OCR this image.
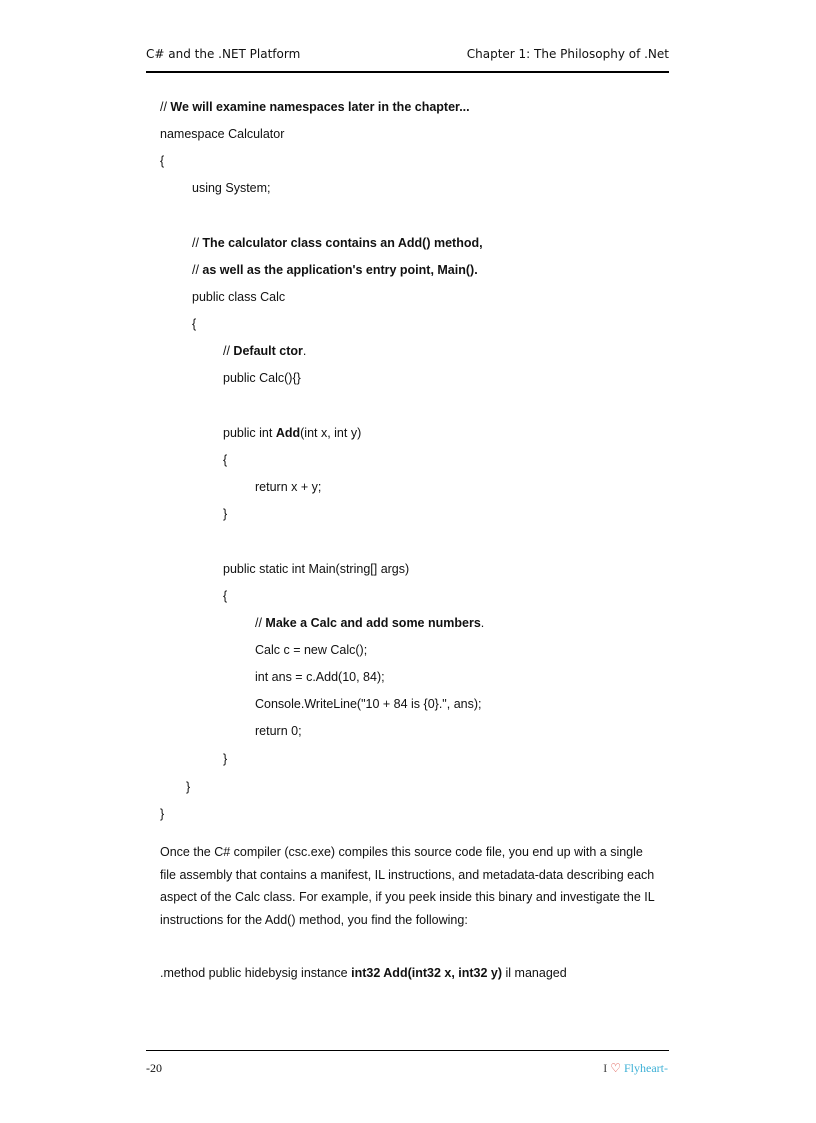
C# and the .NET Platform	Chapter 1: The Philosophy of .Net
// We will examine namespaces later in the chapter...
namespace Calculator
{
using System;
// The calculator class contains an Add() method,
// as well as the application's entry point, Main().
public class Calc
{
// Default ctor.
public Calc(){}
public int Add(int x, int y)
{
return x + y;
}
public static int Main(string[] args)
{
// Make a Calc and add some numbers.
Calc c = new Calc();
int ans = c.Add(10, 84);
Console.WriteLine("10 + 84 is {0}.", ans);
return 0;
}
}
}
Once the C# compiler (csc.exe) compiles this source code file, you end up with a single
file assembly that contains a manifest, IL instructions, and metadata-data describing each
aspect of the Calc class. For example, if you peek inside this binary and investigate the IL
instructions for the Add() method, you find the following:
.method public hidebysig instance int32 Add(int32 x, int32 y) il managed
-20	I ♡ Flyheart-
